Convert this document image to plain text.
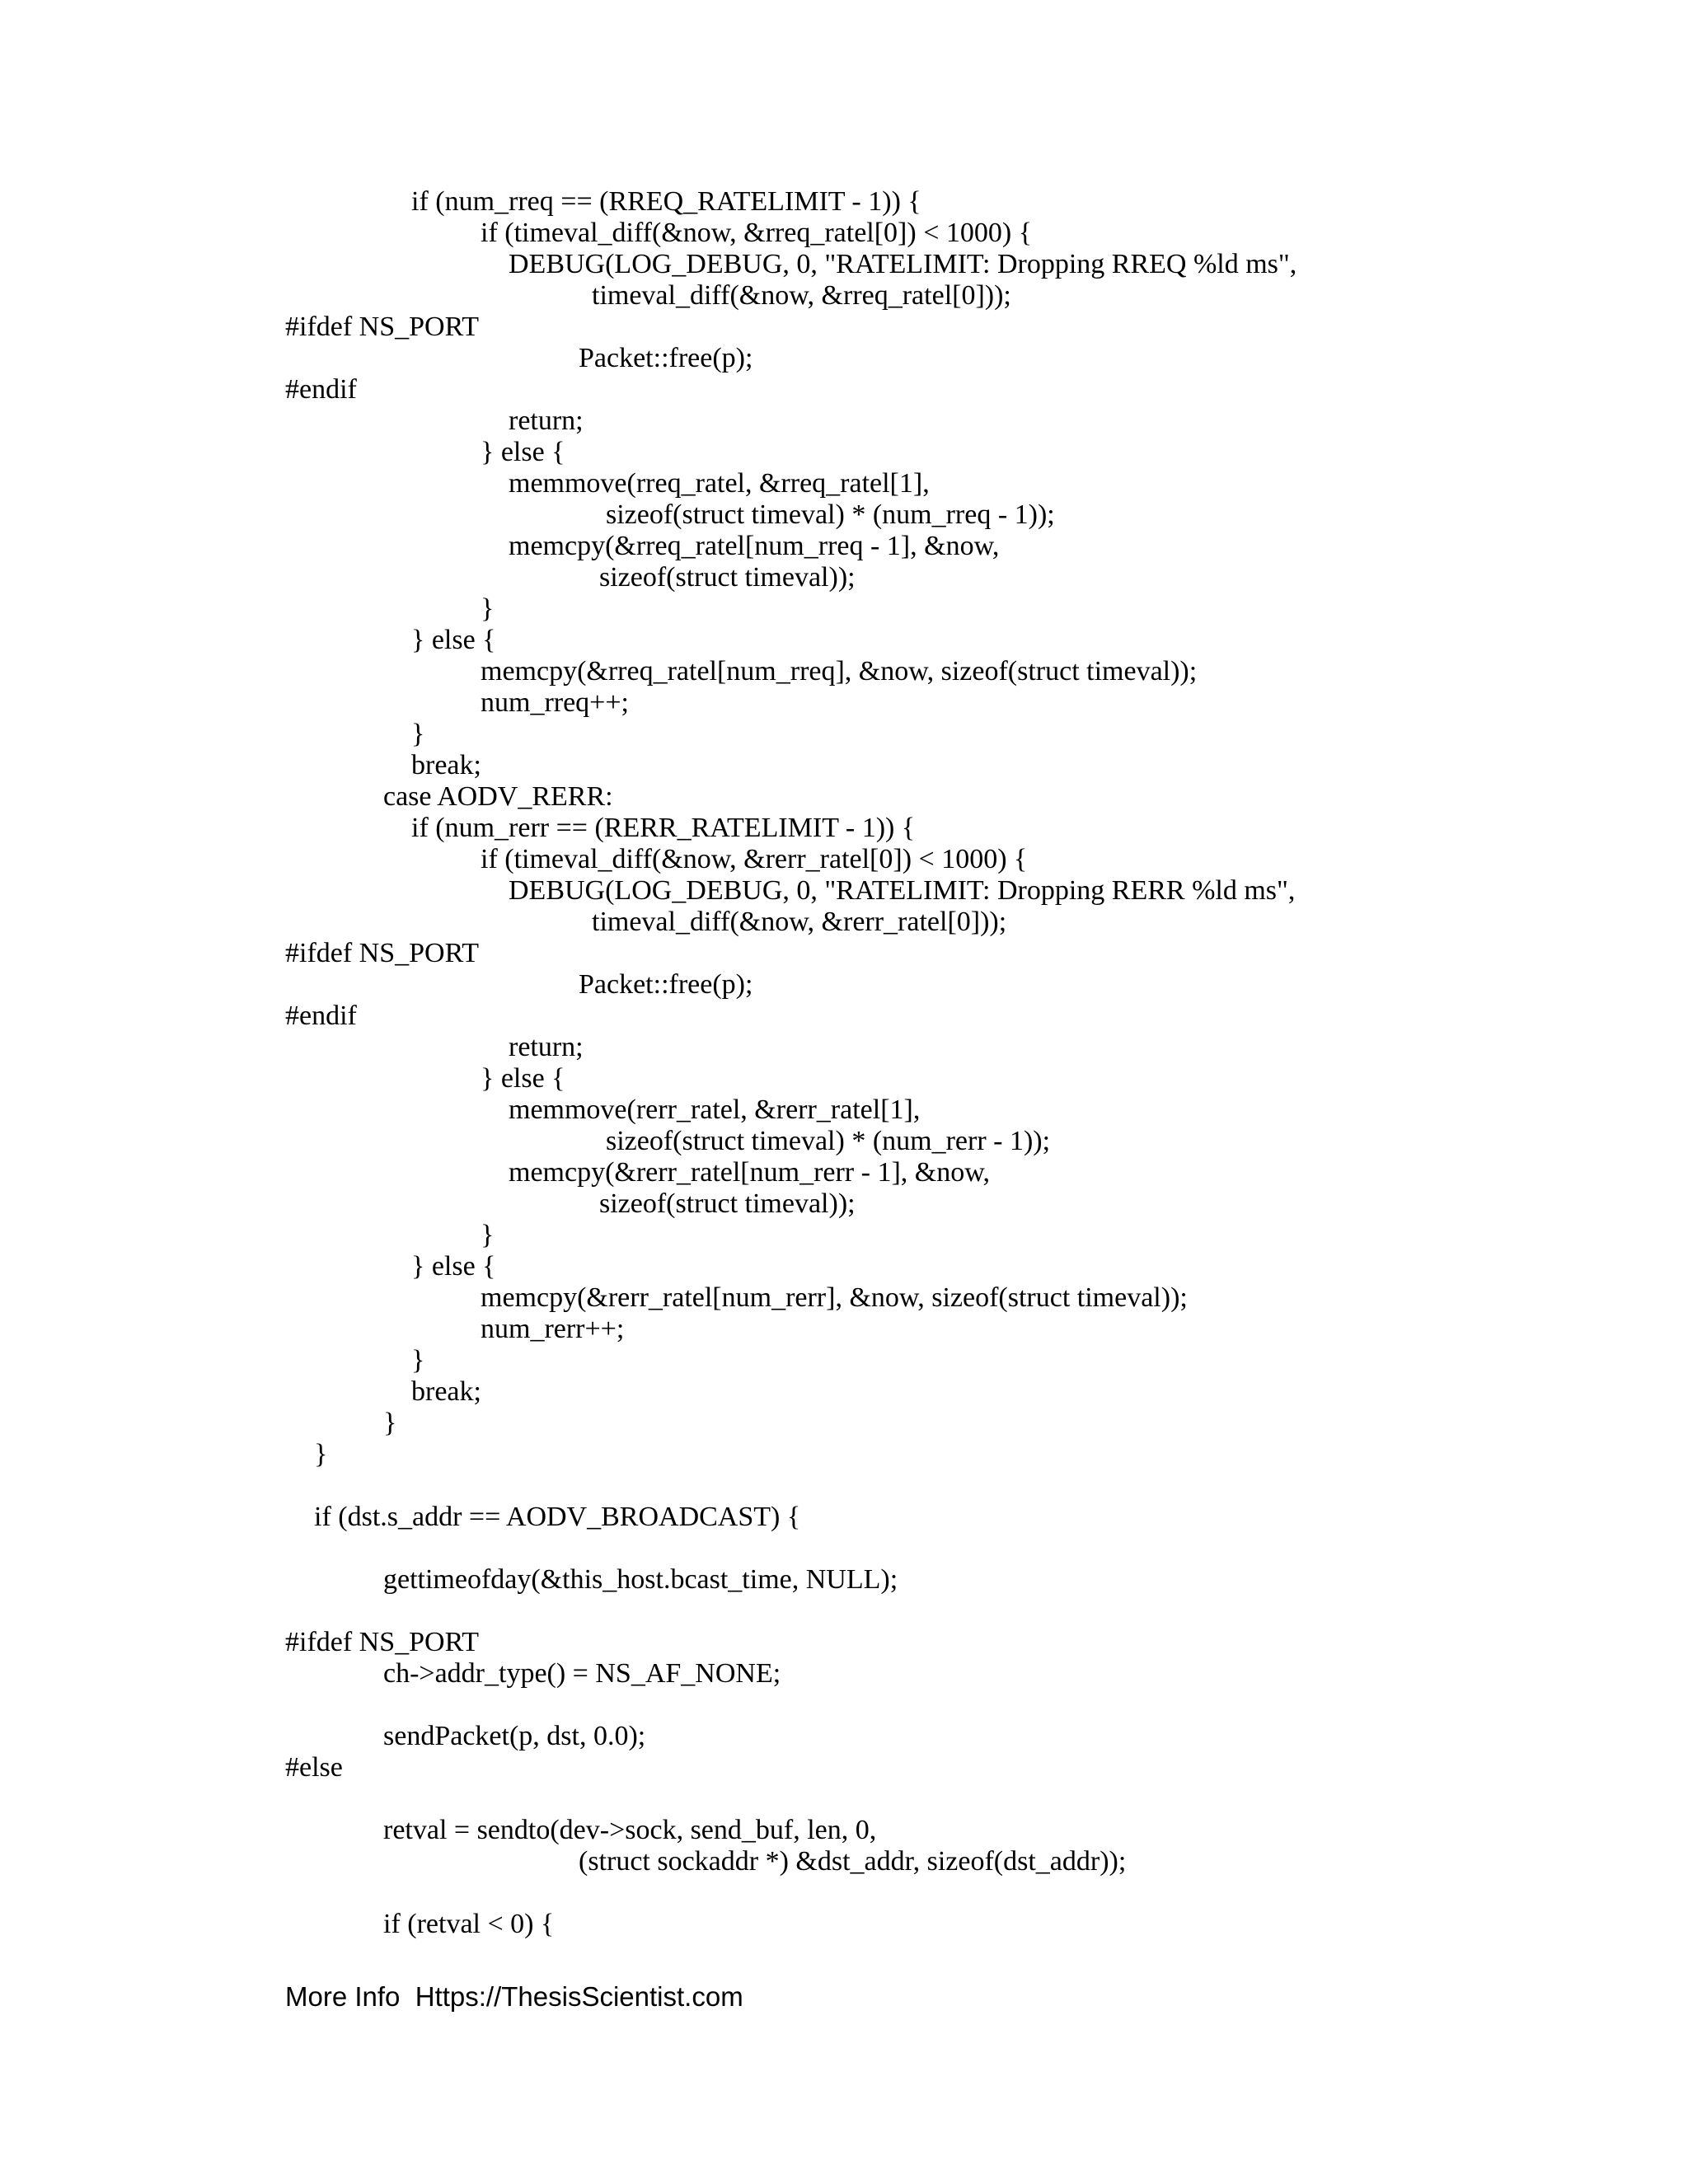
if (num_rreq == (RREQ_RATELIMIT - 1)) {
if (timeval_diff(&now, &rreq_ratel[0]) < 1000) {
DEBUG(LOG_DEBUG, 0, "RATELIMIT: Dropping RREQ %ld ms",
timeval_diff(&now, &rreq_ratel[0]));
#ifdef NS_PORT
Packet::free(p);
#endif
return;
} else {
memmove(rreq_ratel, &rreq_ratel[1],
sizeof(struct timeval) * (num_rreq - 1));
memcpy(&rreq_ratel[num_rreq - 1], &now,
sizeof(struct timeval));
}
} else {
memcpy(&rreq_ratel[num_rreq], &now, sizeof(struct timeval));
num_rreq++;
}
break;
case AODV_RERR:
if (num_rerr == (RERR_RATELIMIT - 1)) {
if (timeval_diff(&now, &rerr_ratel[0]) < 1000) {
DEBUG(LOG_DEBUG, 0, "RATELIMIT: Dropping RERR %ld ms",
timeval_diff(&now, &rerr_ratel[0]));
#ifdef NS_PORT
Packet::free(p);
#endif
return;
} else {
memmove(rerr_ratel, &rerr_ratel[1],
sizeof(struct timeval) * (num_rerr - 1));
memcpy(&rerr_ratel[num_rerr - 1], &now,
sizeof(struct timeval));
}
} else {
memcpy(&rerr_ratel[num_rerr], &now, sizeof(struct timeval));
num_rerr++;
}
break;
}
}
if (dst.s_addr == AODV_BROADCAST) {
gettimeofday(&this_host.bcast_time, NULL);
#ifdef NS_PORT
ch->addr_type() = NS_AF_NONE;
sendPacket(p, dst, 0.0);
#else
retval = sendto(dev->sock, send_buf, len, 0,
(struct sockaddr *) &dst_addr, sizeof(dst_addr));
if (retval < 0) {
More Info  Https://ThesisScientist.com
